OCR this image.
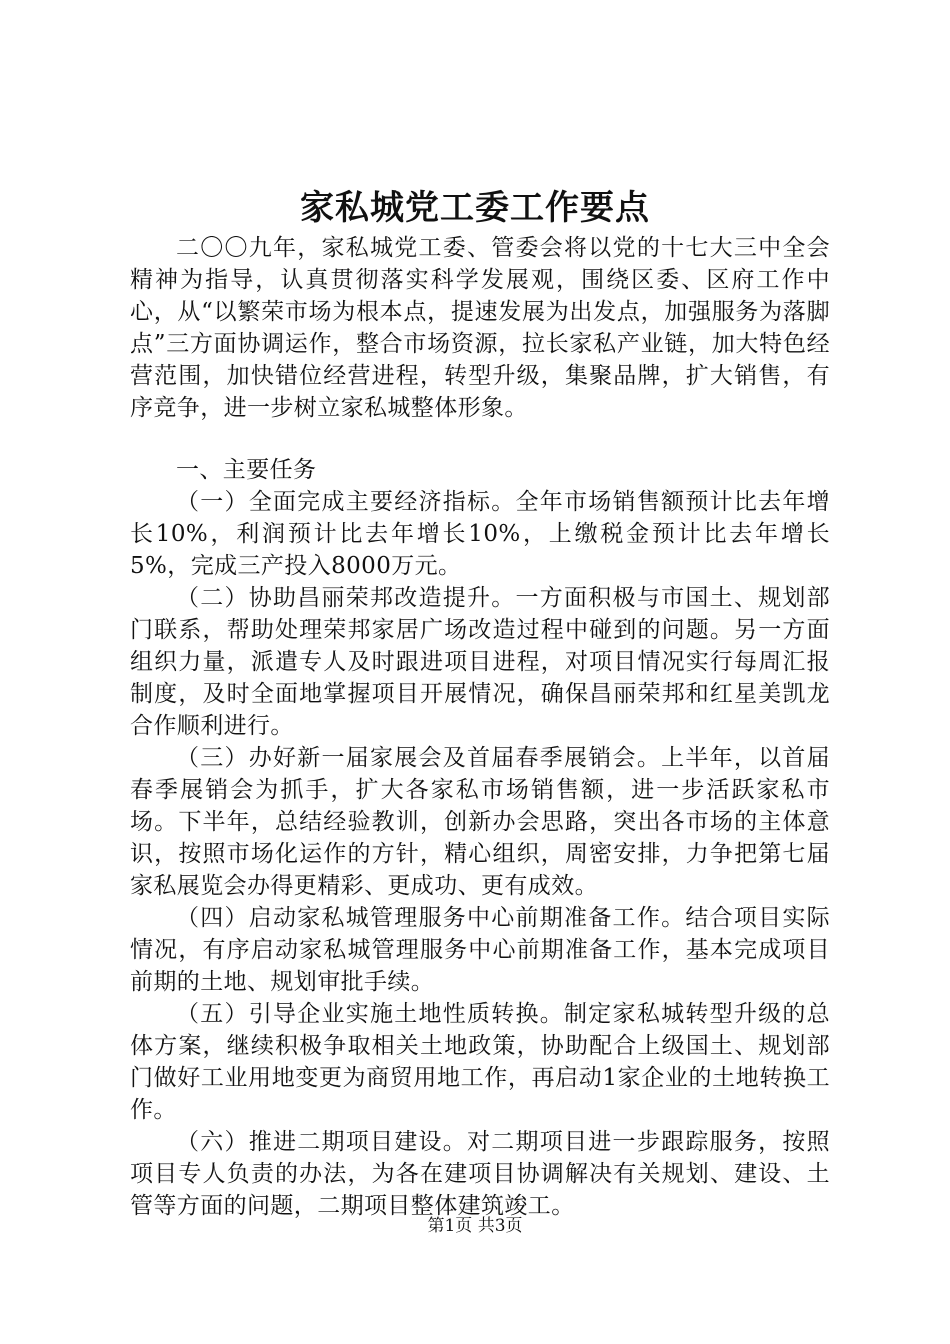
家私城党工委工作要点

二〇〇九年，家私城党工委、管委会将以党的十七大三中全会精神为指导，认真贯彻落实科学发展观，围绕区委、区府工作中心，从“以繁荣市场为根本点，提速发展为出发点，加强服务为落脚点”三方面协调运作，整合市场资源，拉长家私产业链，加大特色经营范围，加快错位经营进程，转型升级，集聚品牌，扩大销售，有序竞争，进一步树立家私城整体形象。

一、主要任务

（一）全面完成主要经济指标。全年市场销售额预计比去年增长10%，利润预计比去年增长10%，上缴税金预计比去年增长5%，完成三产投入8000万元。

（二）协助昌丽荣邦改造提升。一方面积极与市国土、规划部门联系，帮助处理荣邦家居广场改造过程中碰到的问题。另一方面组织力量，派遣专人及时跟进项目进程，对项目情况实行每周汇报制度，及时全面地掌握项目开展情况，确保昌丽荣邦和红星美凯龙合作顺利进行。

（三）办好新一届家展会及首届春季展销会。上半年，以首届春季展销会为抓手，扩大各家私市场销售额，进一步活跃家私市场。下半年，总结经验教训，创新办会思路，突出各市场的主体意识，按照市场化运作的方针，精心组织，周密安排，力争把第七届家私展览会办得更精彩、更成功、更有成效。

（四）启动家私城管理服务中心前期准备工作。结合项目实际情况，有序启动家私城管理服务中心前期准备工作，基本完成项目前期的土地、规划审批手续。

（五）引导企业实施土地性质转换。制定家私城转型升级的总体方案，继续积极争取相关土地政策，协助配合上级国土、规划部门做好工业用地变更为商贸用地工作，再启动1家企业的土地转换工作。

（六）推进二期项目建设。对二期项目进一步跟踪服务，按照项目专人负责的办法，为各在建项目协调解决有关规划、建设、土管等方面的问题，二期项目整体建筑竣工。

第1页 共3页
